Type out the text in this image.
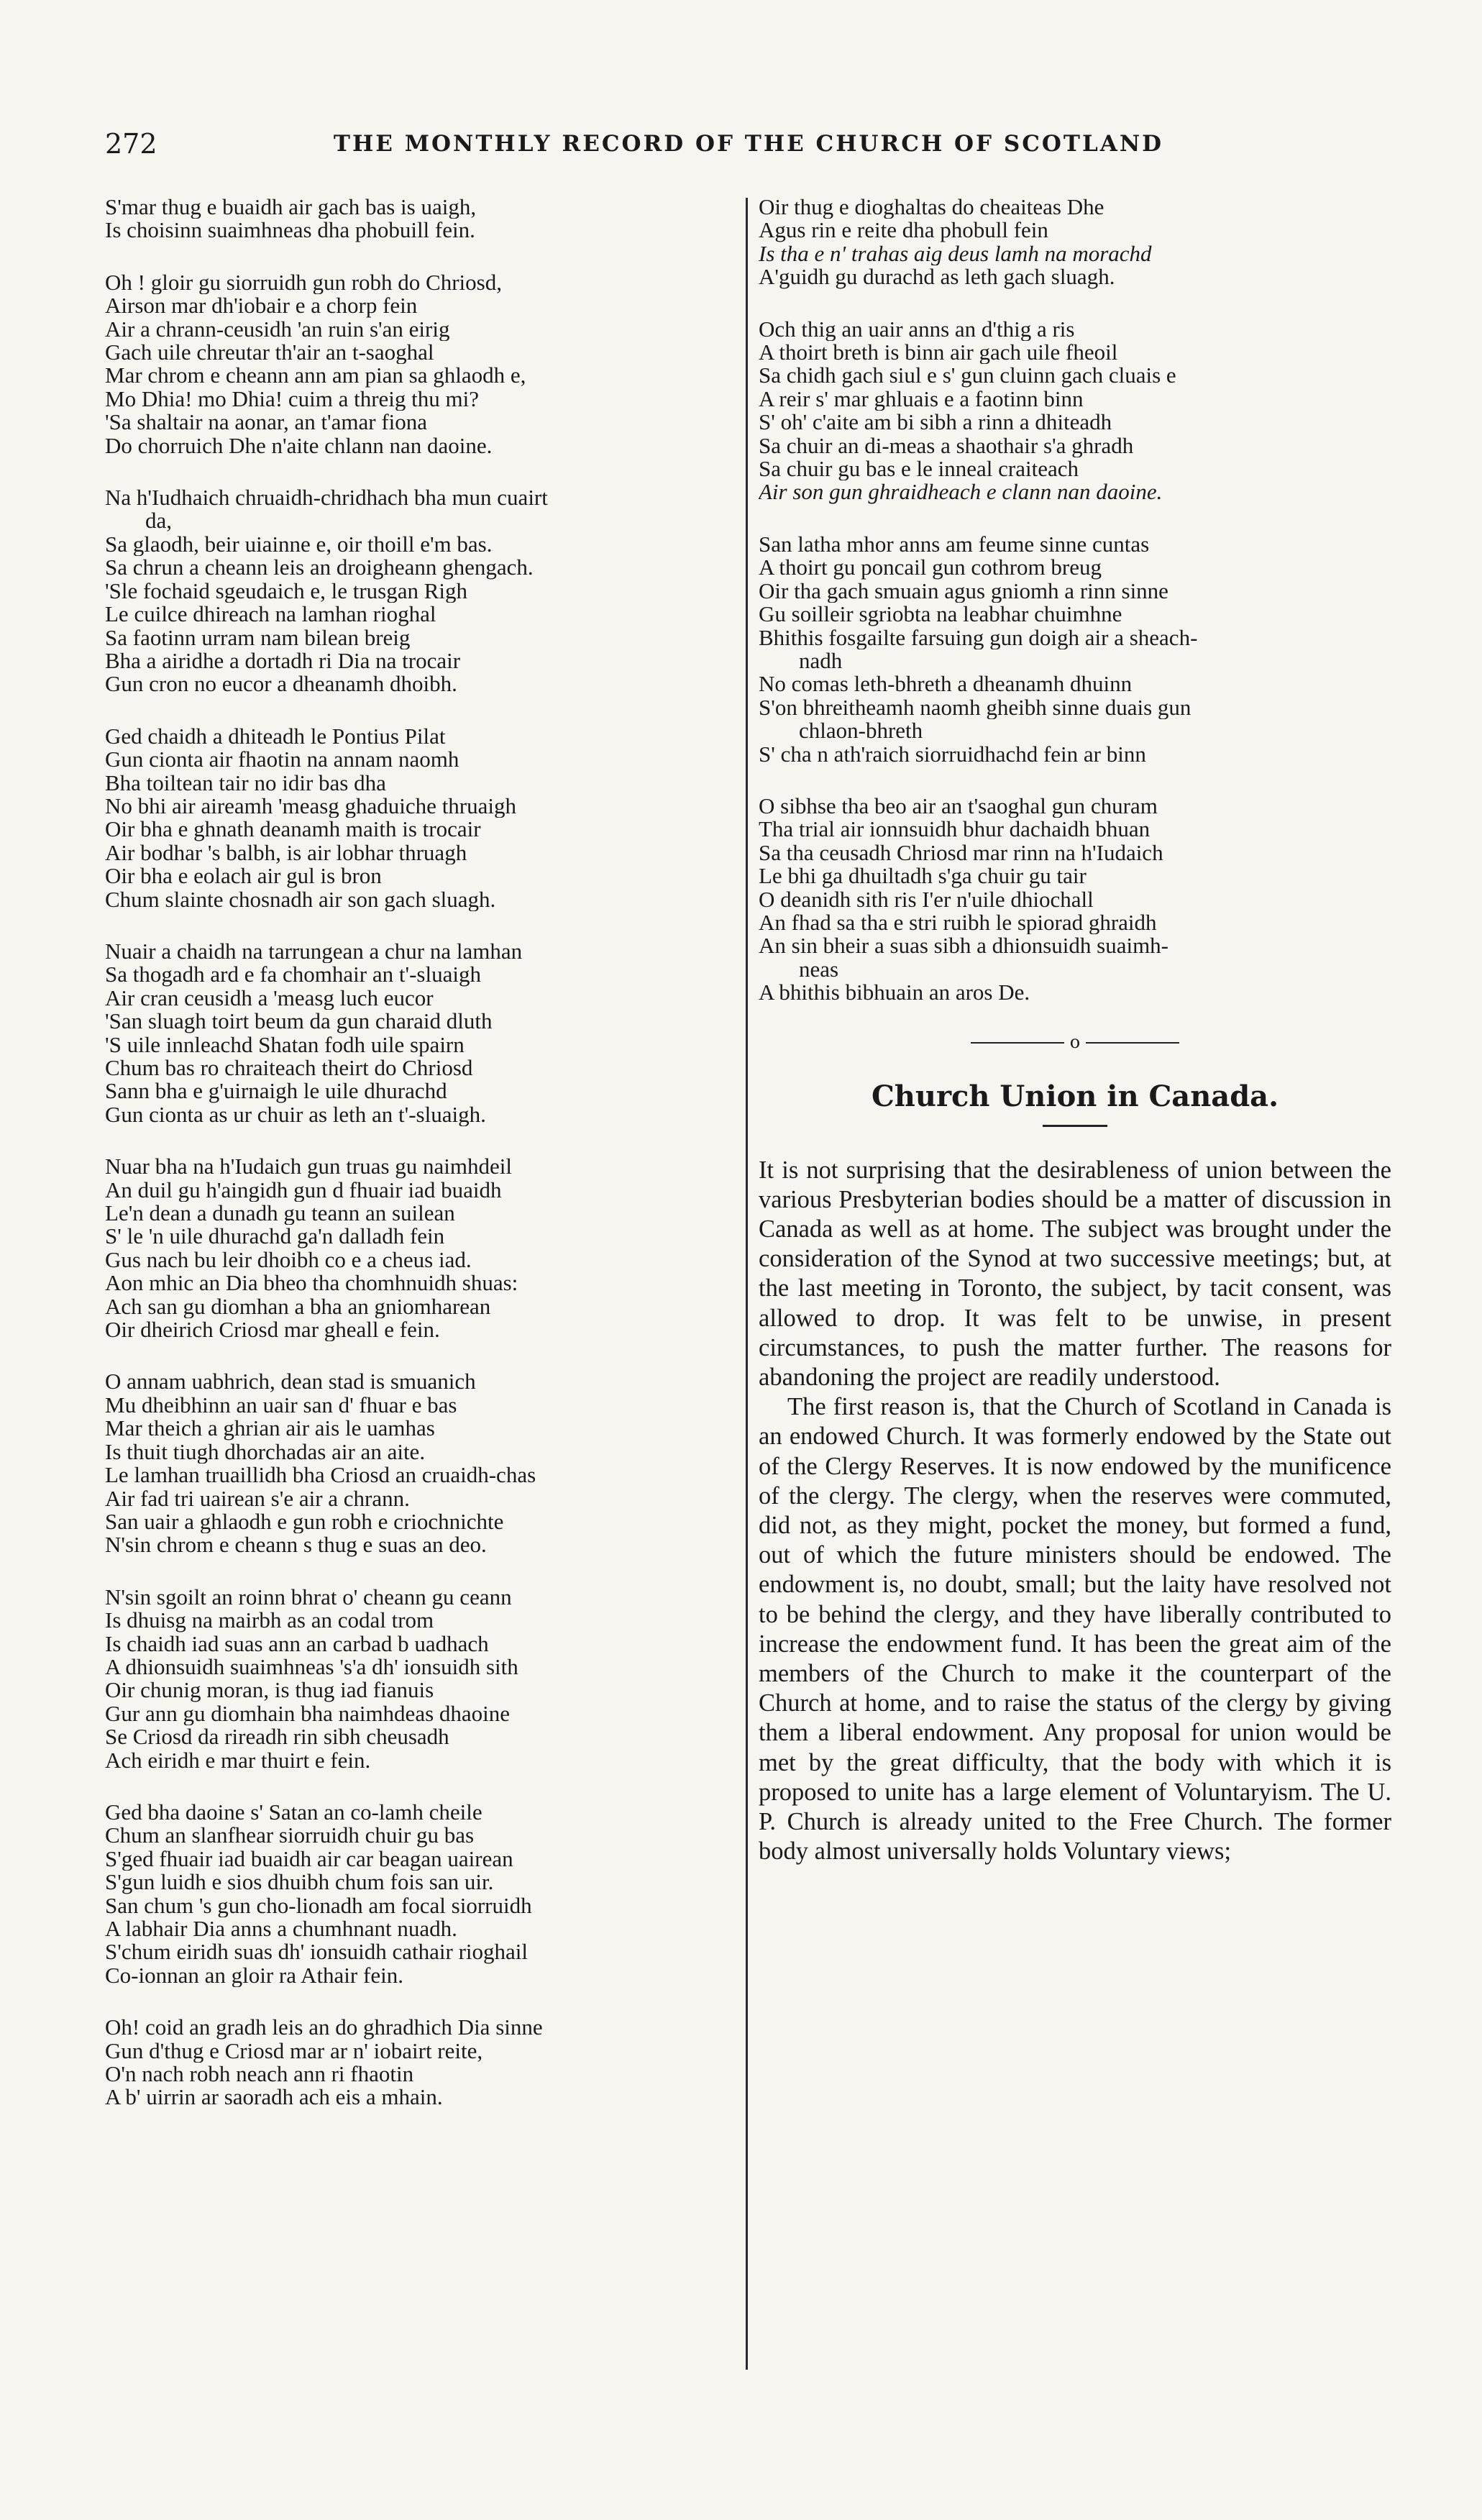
272	THE MONTHLY RECORD OF THE CHURCH OF SCOTLAND
S'mar thug e buaidh air gach bas is uaigh,
Is choisinn suaimhneas dha phobuill fein.
Oh ! gloir gu siorruidh gun robh do Chriosd,
Airson mar dh'iobair e a chorp fein
Air a chrann-ceusidh 'an ruin s'an eirig
Gach uile chreutar th'air an t-saoghal
Mar chrom e cheann ann am pian sa ghlaodh e,
Mo Dhia! mo Dhia! cuim a threig thu mi?
'Sa shaltair na aonar, an t'amar fiona
Do chorruich Dhe n'aite chlann nan daoine.
Na h'Iudhaich chruaidh-chridhach bha mun cuairt
da,
Sa glaodh, beir uiainne e, oir thoill e'm bas.
Sa chrun a cheann leis an droigheann ghengach.
'Sle fochaid sgeudaich e, le trusgan Righ
Le cuilce dhireach na lamhan rioghal
Sa faotinn urram nam bilean breig
Bha a airidhe a dortadh ri Dia na trocair
Gun cron no eucor a dheanamh dhoibh.
Ged chaidh a dhiteadh le Pontius Pilat
Gun cionta air fhaotin na annam naomh
Bha toiltean tair no idir bas dha
No bhi air aireamh 'measg ghaduiche thruaigh
Oir bha e ghnath deanamh maith is trocair
Air bodhar 's balbh, is air lobhar thruagh
Oir bha e eolach air gul is bron
Chum slainte chosnadh air son gach sluagh.
Nuair a chaidh na tarrungean a chur na lamhan
Sa thogadh ard e fa chomhair an t'-sluaigh
Air cran ceusidh a 'measg luch eucor
'San sluagh toirt beum da gun charaid dluth
'S uile innleachd Shatan fodh uile spairn
Chum bas ro chraiteach theirt do Chriosd
Sann bha e g'uirnaigh le uile dhurachd
Gun cionta as ur chuir as leth an t'-sluaigh.
Nuar bha na h'Iudaich gun truas gu naimhdeil
An duil gu h'aingidh gun d fhuair iad buaidh
Le'n dean a dunadh gu teann an suilean
S' le 'n uile dhurachd ga'n dalladh fein
Gus nach bu leir dhoibh co e a cheus iad.
Aon mhic an Dia bheo tha chomhnuidh shuas:
Ach san gu diomhan a bha an gniomharean
Oir dheirich Criosd mar gheall e fein.
O annam uabhrich, dean stad is smuanich
Mu dheibhinn an uair san d' fhuar e bas
Mar theich a ghrian air ais le uamhas
Is thuit tiugh dhorchadas air an aite.
Le lamhan truaillidh bha Criosd an cruaidh-chas
Air fad tri uairean s'e air a chrann.
San uair a ghlaodh e gun robh e criochnichte
N'sin chrom e cheann s thug e suas an deo.
N'sin sgoilt an roinn bhrat o' cheann gu ceann
Is dhuisg na mairbh as an codal trom
Is chaidh iad suas ann an carbad b uadhach
A dhionsuidh suaimhneas 's'a dh' ionsuidh sith
Oir chunig moran, is thug iad fianuis
Gur ann gu diomhain bha naimhdeas dhaoine
Se Criosd da rireadh rin sibh cheusadh
Ach eiridh e mar thuirt e fein.
Ged bha daoine s' Satan an co-lamh cheile
Chum an slanfhear siorruidh chuir gu bas
S'ged fhuair iad buaidh air car beagan uairean
S'gun luidh e sios dhuibh chum fois san uir.
San chum 's gun cho-lionadh am focal siorruidh
A labhair Dia anns a chumhnant nuadh.
S'chum eiridh suas dh' ionsuidh cathair rioghail
Co-ionnan an gloir ra Athair fein.
Oh! coid an gradh leis an do ghradhich Dia sinne
Gun d'thug e Criosd mar ar n' iobairt reite,
O'n nach robh neach ann ri fhaotin
A b' uirrin ar saoradh ach eis a mhain.
Oir thug e dioghaltas do cheaiteas Dhe
Agus rin e reite dha phobull fein
Is tha e n' trahas aig deus lamh na morachd
A'guidh gu durachd as leth gach sluagh.
Och thig an uair anns an d'thig a ris
A thoirt breth is binn air gach uile fheoil
Sa chidh gach siul e s' gun cluinn gach cluais e
A reir s' mar ghluais e a faotinn binn
S' oh' c'aite am bi sibh a rinn a dhiteadh
Sa chuir an di-meas a shaothair s'a ghradh
Sa chuir gu bas e le inneal craiteach
Air son gun ghraidheach e clann nan daoine.
San latha mhor anns am feume sinne cuntas
A thoirt gu poncail gun cothrom breug
Oir tha gach smuain agus gniomh a rinn sinne
Gu soilleir sgriobta na leabhar chuimhne
Bhithis fosgailte farsuing gun doigh air a sheach-
nadh
No comas leth-bhreth a dheanamh dhuinn
S'on bhreitheamh naomh gheibh sinne duais gun
chlaon-bhreth
S' cha n ath'raich siorruidhachd fein ar binn
O sibhse tha beo air an t'saoghal gun churam
Tha trial air ionnsuidh bhur dachaidh bhuan
Sa tha ceusadh Chriosd mar rinn na h'Iudaich
Le bhi ga dhuiltadh s'ga chuir gu tair
O deanidh sith ris I'er n'uile dhiochall
An fhad sa tha e stri ruibh le spiorad ghraidh
An sin bheir a suas sibh a dhionsuidh suaimh-
neas
A bhithis bibhuain an aros De.
o
Church Union in Canada.

It is not surprising that the desirableness of union between the various Presbyterian bodies should be a matter of discussion in Canada as well as at home. The subject was brought under the consideration of the Synod at two successive meetings; but, at the last meeting in Toronto, the subject, by tacit consent, was allowed to drop. It was felt to be unwise, in present circumstances, to push the matter further. The reasons for abandoning the project are readily understood.

The first reason is, that the Church of Scotland in Canada is an endowed Church. It was formerly endowed by the State out of the Clergy Reserves. It is now endowed by the munificence of the clergy. The clergy, when the reserves were commuted, did not, as they might, pocket the money, but formed a fund, out of which the future ministers should be endowed. The endowment is, no doubt, small; but the laity have resolved not to be behind the clergy, and they have liberally contributed to increase the endowment fund. It has been the great aim of the members of the Church to make it the counterpart of the Church at home, and to raise the status of the clergy by giving them a liberal endowment. Any proposal for union would be met by the great difficulty, that the body with which it is proposed to unite has a large element of Voluntaryism. The U. P. Church is already united to the Free Church. The former body almost universally holds Voluntary views;
